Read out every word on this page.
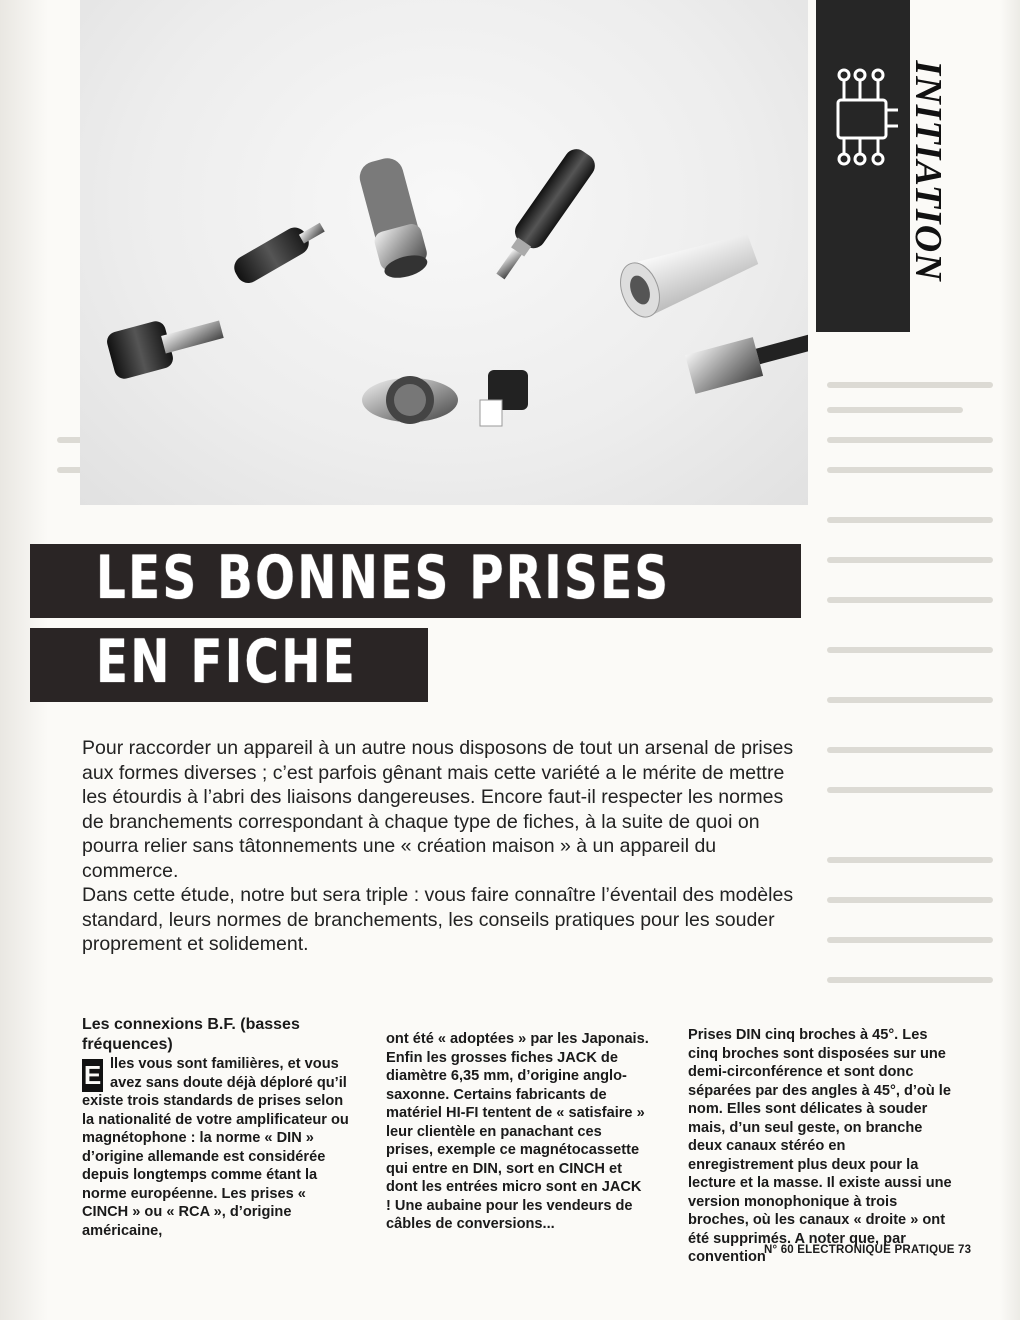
INITIATION
LES BONNES PRISES
EN FICHE

Pour raccorder un appareil à un autre nous disposons de tout un arsenal de prises aux formes diverses ; c’est parfois gênant mais cette variété a le mérite de mettre les étourdis à l’abri des liaisons dangereuses. Encore faut-il respecter les normes de branchements correspondant à chaque type de fiches, à la suite de quoi on pourra relier sans tâtonnements une « création maison » à un appareil du commerce.

Dans cette étude, notre but sera triple : vous faire connaître l’éventail des modèles standard, leurs normes de branchements, les conseils pratiques pour les souder proprement et solidement.

Les connexions B.F. (basses fréquences)

E lles vous sont familières, et vous avez sans doute déjà déploré qu’il existe trois standards de prises selon la nationalité de votre amplificateur ou magnétophone : la norme « DIN » d’origine allemande est considérée depuis longtemps comme étant la norme européenne. Les prises « CINCH » ou « RCA », d’origine américaine,

ont été « adoptées » par les Japonais. Enfin les grosses fiches JACK de diamètre 6,35 mm, d’origine anglo-saxonne. Certains fabricants de matériel HI-FI tentent de « satisfaire » leur clientèle en panachant ces prises, exemple ce magnétocassette qui entre en DIN, sort en CINCH et dont les entrées micro sont en JACK ! Une aubaine pour les vendeurs de câbles de conversions...

Prises DIN cinq broches à 45°. Les cinq broches sont disposées sur une demi-circonférence et sont donc séparées par des angles à 45°, d’où le nom. Elles sont délicates à souder mais, d’un seul geste, on branche deux canaux stéréo en enregistrement plus deux pour la lecture et la masse. Il existe aussi une version monophonique à trois broches, où les canaux « droite » ont été supprimés. A noter que, par convention

N° 60 ELECTRONIQUE PRATIQUE 73
